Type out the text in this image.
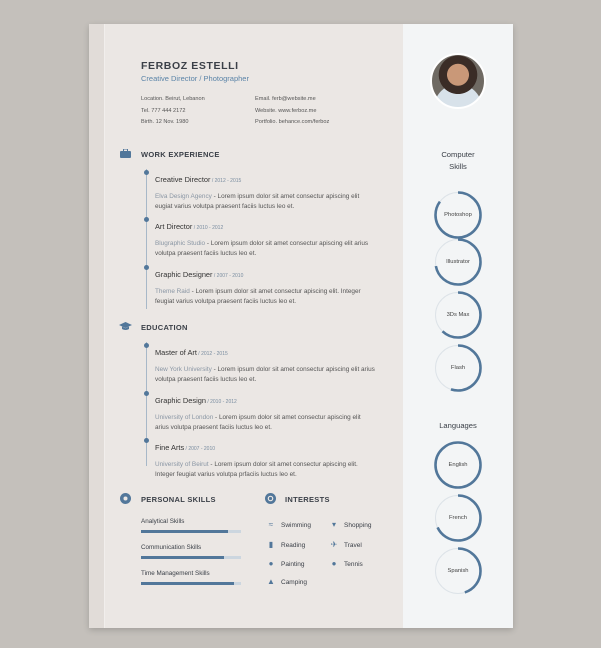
FERBOZ ESTELLI
Creative Director / Photographer
Location. Beirut, Lebanon
Tel. 777 444 2172
Birth. 12 Nov. 1980
Email. ferb@website.me
Website. www.ferboz.me
Portfolio. behance.com/ferboz
WORK EXPERIENCE
Creative Director / 2012 - 2015
Elva Design Agency - Lorem ipsum dolor sit amet consectur apiscing elit eugiat varius volutpa praesent faciis luctus leo et.
Art Director / 2010 - 2012
Blugraphic Studio - Lorem ipsum dolor sit amet consectur apiscing elit arius volutpa praesent faciis luctus leo et.
Graphic Designer / 2007 - 2010
Theme Raid - Lorem ipsum dolor sit amet consectur apiscing elit. Integer feugiat varius volutpa praesent faciis luctus leo et.
EDUCATION
Master of Art / 2012 - 2015
New York University - Lorem ipsum dolor sit amet consectur apiscing elit arius volutpa praesent faciis luctus leo et.
Graphic Design / 2010 - 2012
University of London - Lorem ipsum dolor sit amet consectur apiscing elit arius volutpa praesent faciis luctus leo et.
Fine Arts / 2007 - 2010
University of Beirut - Lorem ipsum dolor sit amet consectur apiscing elit. Integer feugiat varius volutpa prfaciis luctus leo et.
PERSONAL SKILLS
Analytical Skills
Communication Skills
Time Management Skills
INTERESTS
≈ Swimming	▾ Shopping
▮ Reading	✈ Travel
● Painting	● Tennis
▲ Camping
Computer
Skills
Photoshop
Illustrator
3Ds Max
Flash
Languages
English
French
Spanish
